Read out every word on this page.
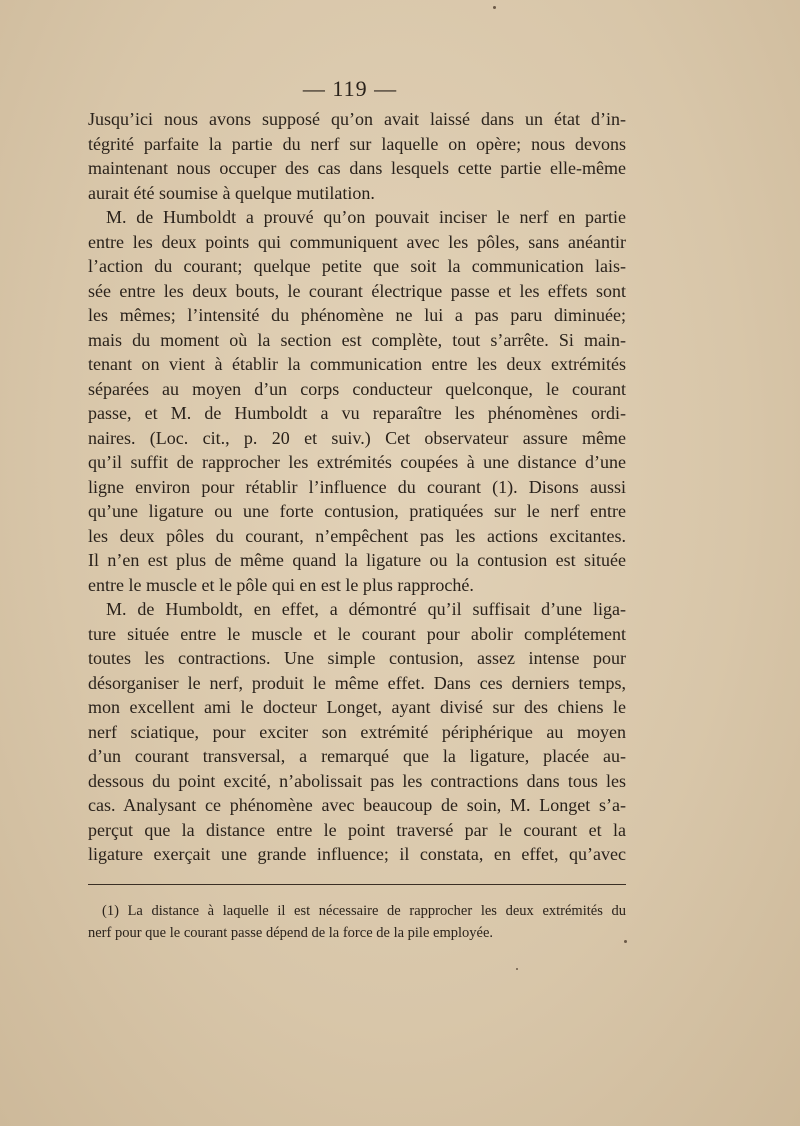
— 119 —
Jusqu’ici nous avons supposé qu’on avait laissé dans un état d’in-
tégrité parfaite la partie du nerf sur laquelle on opère; nous devons
maintenant nous occuper des cas dans lesquels cette partie elle-même
aurait été soumise à quelque mutilation.
M. de Humboldt a prouvé qu’on pouvait inciser le nerf en partie
entre les deux points qui communiquent avec les pôles, sans anéantir
l’action du courant; quelque petite que soit la communication lais-
sée entre les deux bouts, le courant électrique passe et les effets sont
les mêmes; l’intensité du phénomène ne lui a pas paru diminuée;
mais du moment où la section est complète, tout s’arrête. Si main-
tenant on vient à établir la communication entre les deux extrémités
séparées au moyen d’un corps conducteur quelconque, le courant
passe, et M. de Humboldt a vu reparaître les phénomènes ordi-
naires. (Loc. cit., p. 20 et suiv.) Cet observateur assure même
qu’il suffit de rapprocher les extrémités coupées à une distance d’une
ligne environ pour rétablir l’influence du courant (1). Disons aussi
qu’une ligature ou une forte contusion, pratiquées sur le nerf entre
les deux pôles du courant, n’empêchent pas les actions excitantes.
Il n’en est plus de même quand la ligature ou la contusion est située
entre le muscle et le pôle qui en est le plus rapproché.
M. de Humboldt, en effet, a démontré qu’il suffisait d’une liga-
ture située entre le muscle et le courant pour abolir complétement
toutes les contractions. Une simple contusion, assez intense pour
désorganiser le nerf, produit le même effet. Dans ces derniers temps,
mon excellent ami le docteur Longet, ayant divisé sur des chiens le
nerf sciatique, pour exciter son extrémité périphérique au moyen
d’un courant transversal, a remarqué que la ligature, placée au-
dessous du point excité, n’abolissait pas les contractions dans tous les
cas. Analysant ce phénomène avec beaucoup de soin, M. Longet s’a-
perçut que la distance entre le point traversé par le courant et la
ligature exerçait une grande influence; il constata, en effet, qu’avec
(1) La distance à laquelle il est nécessaire de rapprocher les deux extrémités du
nerf pour que le courant passe dépend de la force de la pile employée.
